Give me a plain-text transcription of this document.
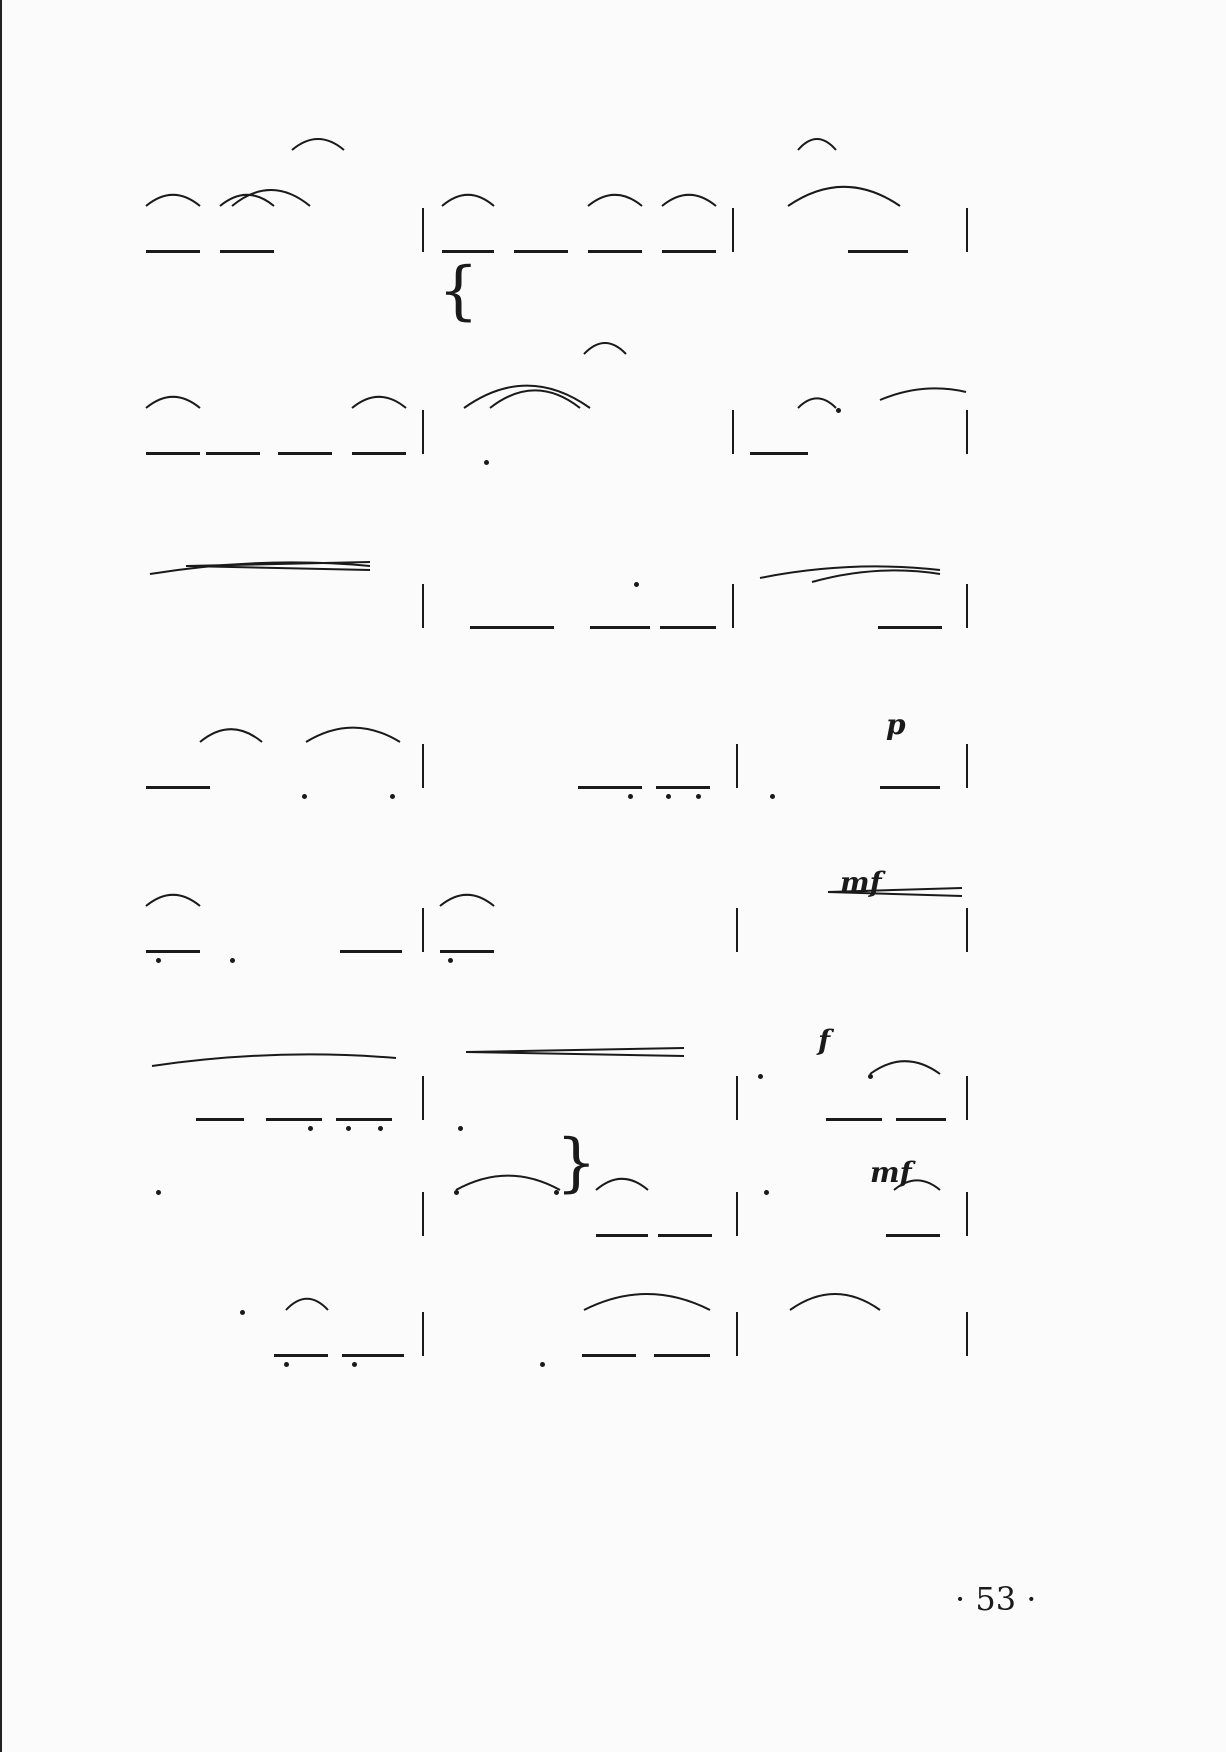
{
}
p
mf
f
mf
· 53 ·
